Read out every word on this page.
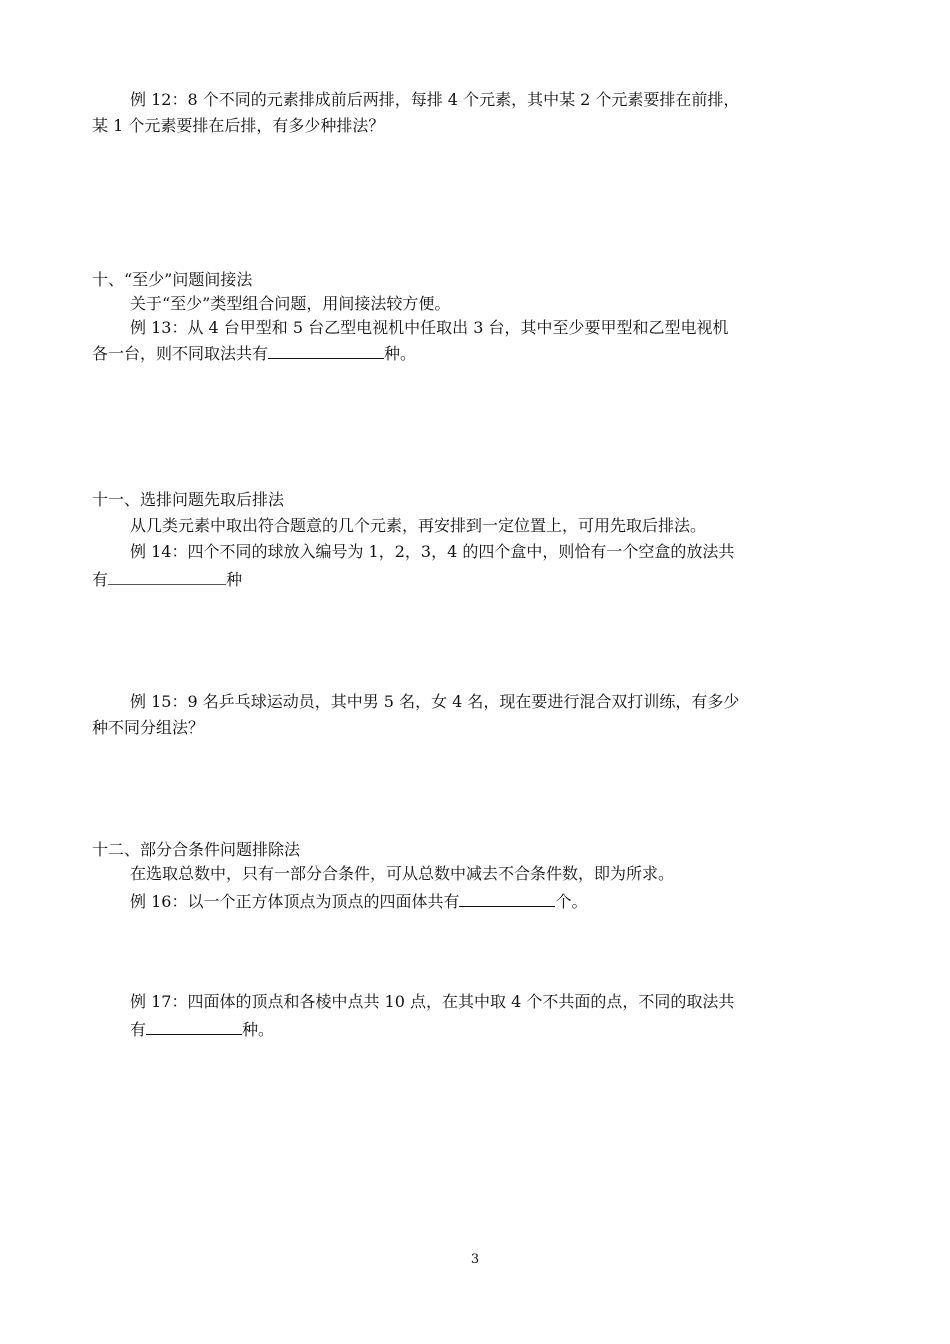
例 12：8 个不同的元素排成前后两排，每排 4 个元素，其中某 2 个元素要排在前排，
某 1 个元素要排在后排，有多少种排法？
十、“至少”问题间接法
关于“至少”类型组合问题，用间接法较方便。
例 13：从 4 台甲型和 5 台乙型电视机中任取出 3 台，其中至少要甲型和乙型电视机
各一台，则不同取法共有	种。
十一、选排问题先取后排法
从几类元素中取出符合题意的几个元素，再安排到一定位置上，可用先取后排法。
例 14：四个不同的球放入编号为 1，2，3，4 的四个盒中，则恰有一个空盒的放法共
有	种
例 15：9 名乒乓球运动员，其中男 5 名，女 4 名，现在要进行混合双打训练，有多少
种不同分组法？
十二、部分合条件问题排除法
在选取总数中，只有一部分合条件，可从总数中减去不合条件数，即为所求。
例 16：以一个正方体顶点为顶点的四面体共有	个。
例 17：四面体的顶点和各棱中点共 10 点，在其中取 4 个不共面的点，不同的取法共
有	种。
3
